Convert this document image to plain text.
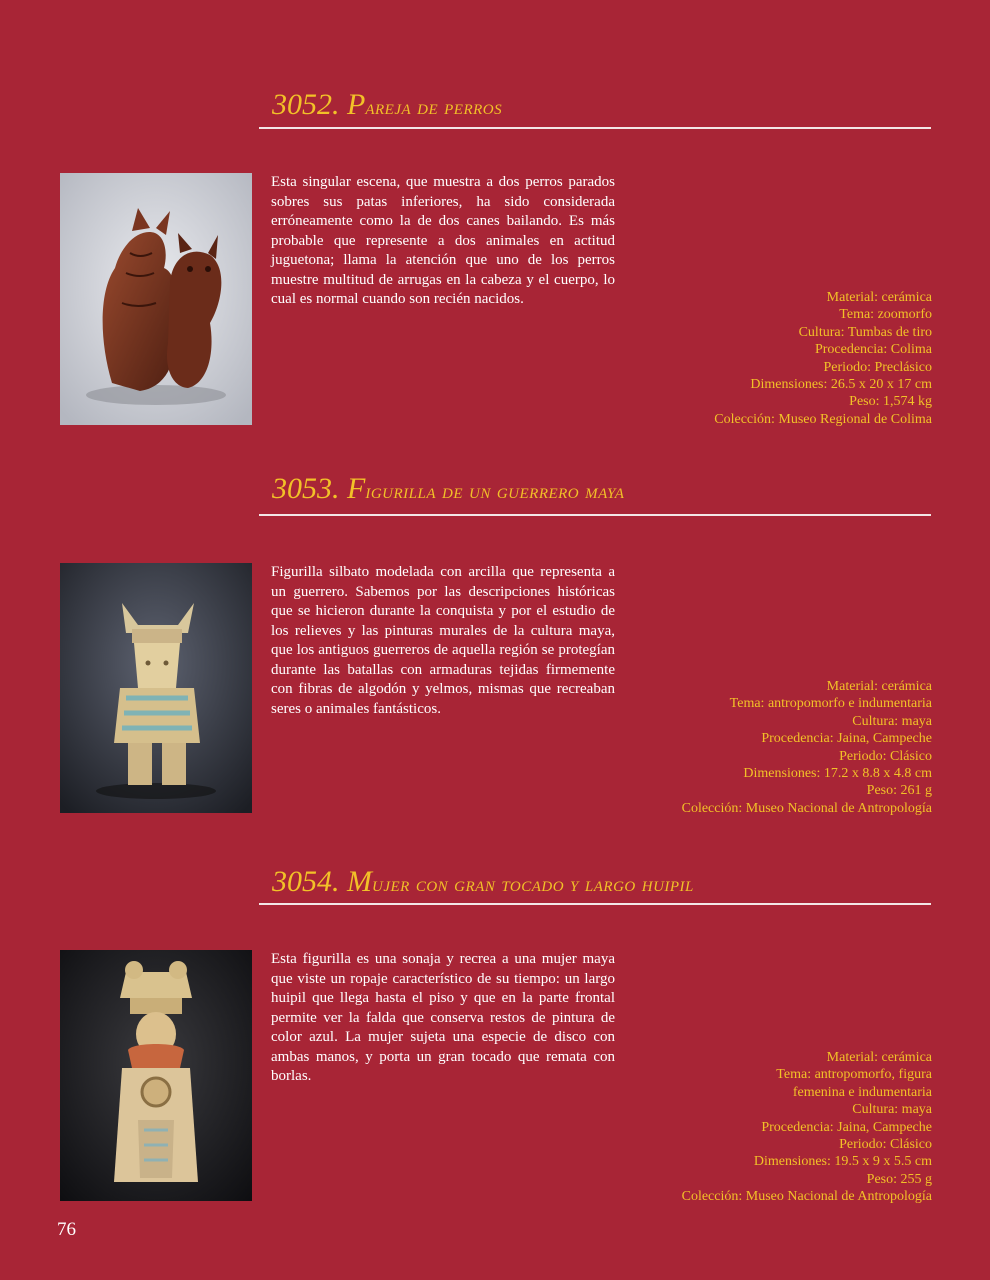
3052. Pareja de perros
Esta singular escena, que muestra a dos perros parados sobres sus patas inferiores, ha sido considerada erróneamente como la de dos canes bailando. Es más probable que represente a dos animales en actitud juguetona; llama la atención que uno de los perros muestre multitud de arrugas en la cabeza y el cuerpo, lo cual es normal cuando son recién nacidos.	Material: cerámica
Tema: zoomorfo
Cultura: Tumbas de tiro
Procedencia: Colima
Periodo: Preclásico
Dimensiones: 26.5 x 20 x 17 cm
Peso: 1,574 kg
Colección: Museo Regional de Colima
3053. Figurilla de un guerrero maya
Figurilla silbato modelada con arcilla que representa a un guerrero. Sabemos por las descripciones históricas que se hicieron durante la conquista y por el estudio de los relieves y las pinturas murales de la cultura maya, que los antiguos guerreros de aquella región se protegían durante las batallas con armaduras tejidas firmemente con fibras de algodón y yelmos, mismas que recreaban seres o animales fantásticos.
Material: cerámica
Tema: antropomorfo e indumentaria
Cultura: maya
Procedencia: Jaina, Campeche
Periodo: Clásico
Dimensiones: 17.2 x 8.8 x 4.8 cm
Peso: 261 g
Colección: Museo Nacional de Antropología
3054. Mujer con gran tocado y largo huipil
Esta figurilla es una sonaja y recrea a una mujer maya que viste un ropaje característico de su tiempo: un largo huipil que llega hasta el piso y que en la parte frontal permite ver la falda que conserva restos de pintura de color azul. La mujer sujeta una especie de disco con ambas manos, y porta un gran tocado que remata con borlas.
Material: cerámica
Tema: antropomorfo, figura
femenina e indumentaria
Cultura: maya
Procedencia: Jaina, Campeche
Periodo: Clásico
Dimensiones: 19.5 x 9 x 5.5 cm
Peso: 255 g
Colección: Museo Nacional de Antropología
76
